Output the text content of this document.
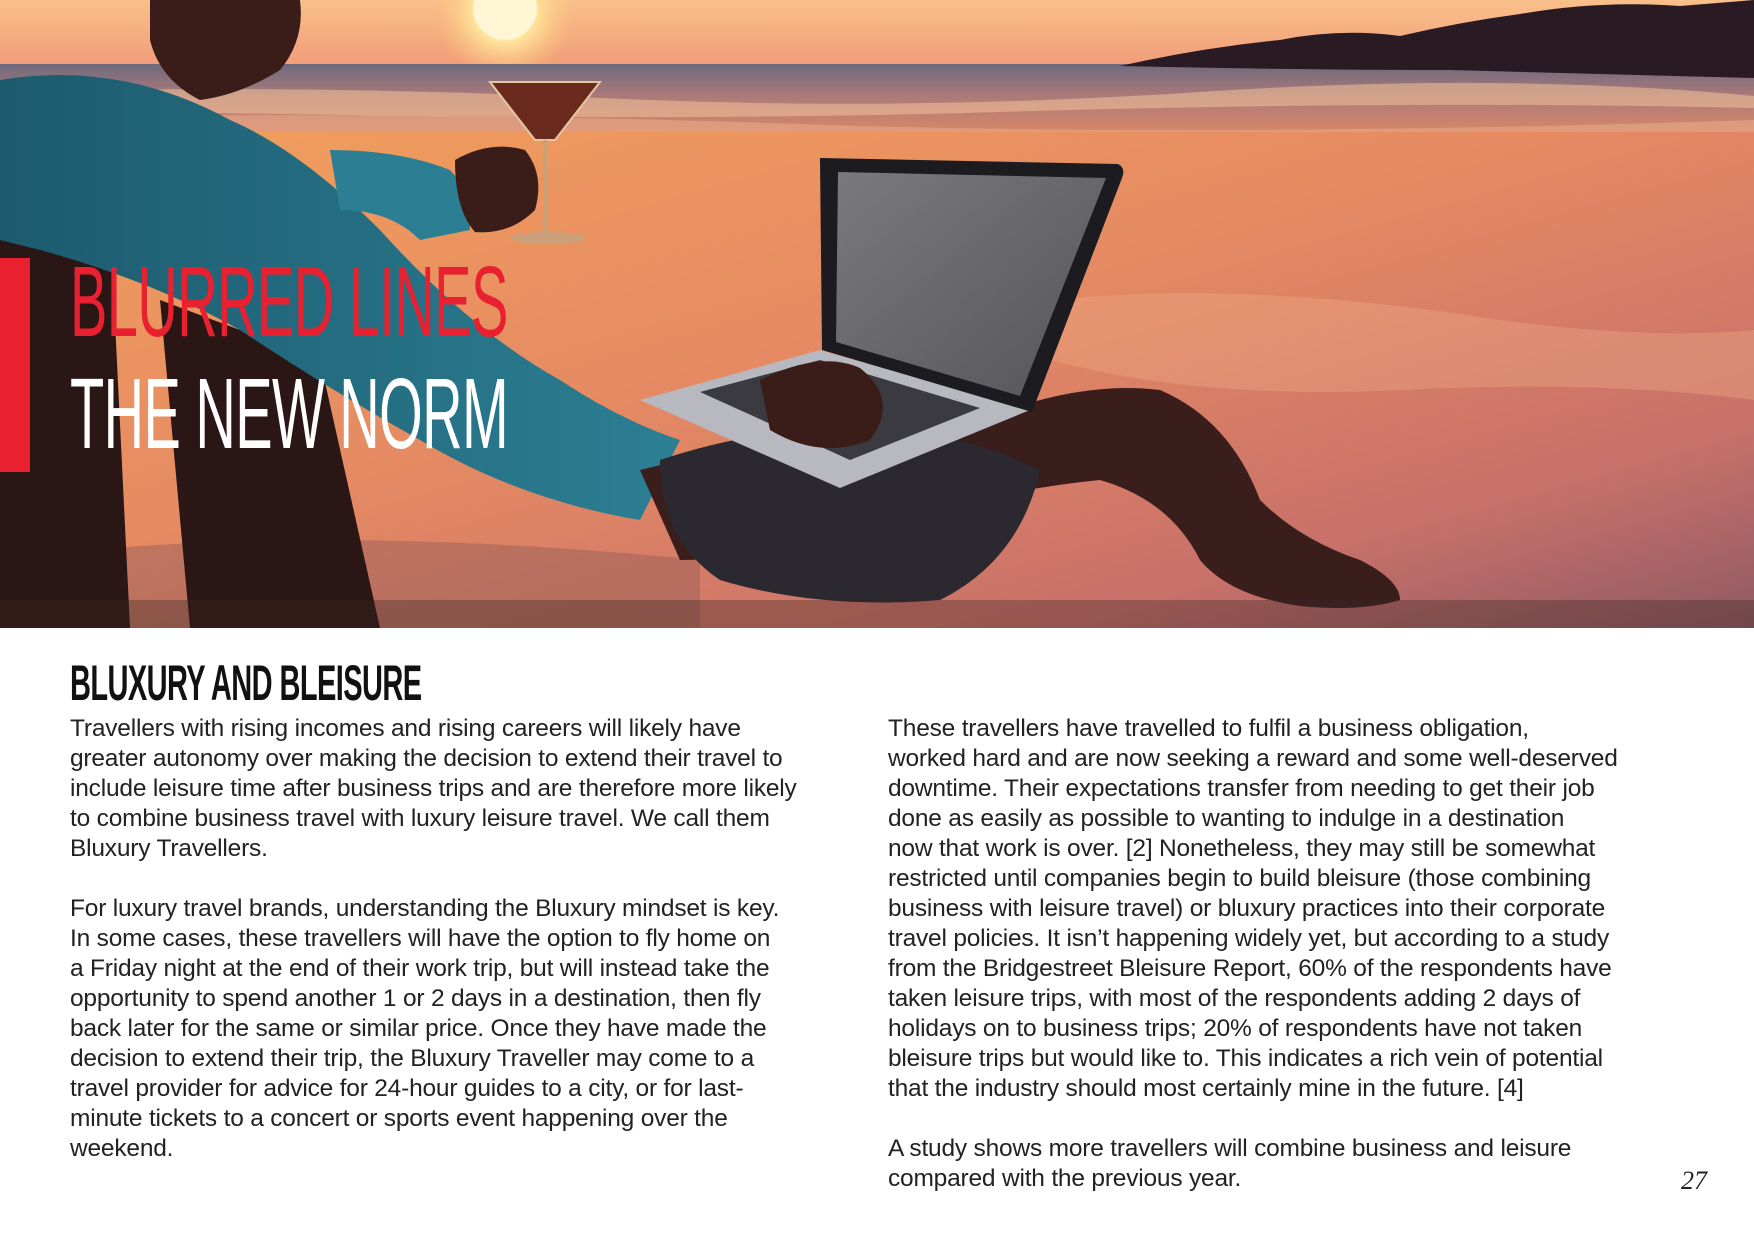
BLURRED LINES
THE NEW NORM
BLUXURY AND BLEISURE

Travellers with rising incomes and rising careers will likely have
greater autonomy over making the decision to extend their travel to
include leisure time after business trips and are therefore more likely
to combine business travel with luxury leisure travel. We call them
Bluxury Travellers.

For luxury travel brands, understanding the Bluxury mindset is key.
In some cases, these travellers will have the option to fly home on
a Friday night at the end of their work trip, but will instead take the
opportunity to spend another 1 or 2 days in a destination, then fly
back later for the same or similar price. Once they have made the
decision to extend their trip, the Bluxury Traveller may come to a
travel provider for advice for 24-hour guides to a city, or for last-
minute tickets to a concert or sports event happening over the
weekend.

These travellers have travelled to fulfil a business obligation,
worked hard and are now seeking a reward and some well-deserved
downtime. Their expectations transfer from needing to get their job
done as easily as possible to wanting to indulge in a destination
now that work is over. [2] Nonetheless, they may still be somewhat
restricted until companies begin to build bleisure (those combining
business with leisure travel) or bluxury practices into their corporate
travel policies. It isn’t happening widely yet, but according to a study
from the Bridgestreet Bleisure Report, 60% of the respondents have
taken leisure trips, with most of the respondents adding 2 days of
holidays on to business trips; 20% of respondents have not taken
bleisure trips but would like to. This indicates a rich vein of potential
that the industry should most certainly mine in the future. [4]

A study shows more travellers will combine business and leisure
compared with the previous year.	27
